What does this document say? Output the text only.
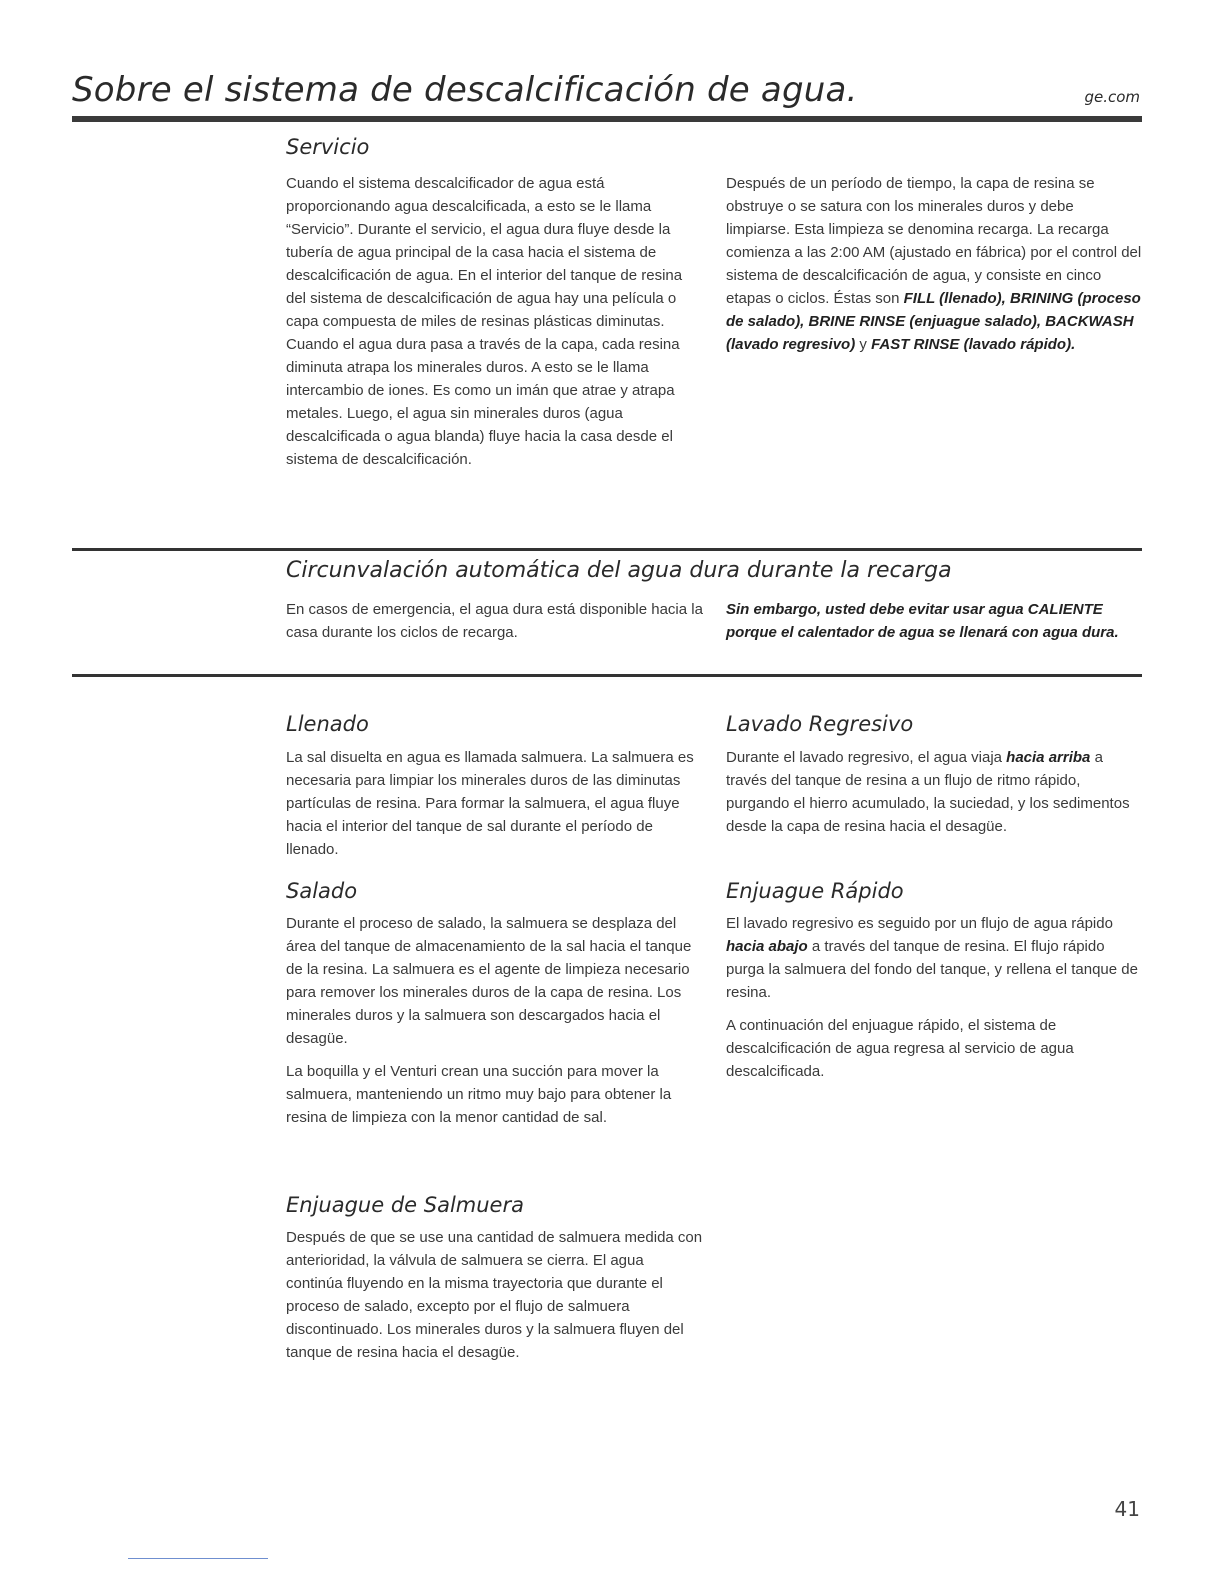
Sobre el sistema de descalcificación de agua.	ge.com
Servicio

Cuando el sistema descalcificador de agua está proporcionando agua descalcificada, a esto se le llama “Servicio”. Durante el servicio, el agua dura fluye desde la tubería de agua principal de la casa hacia el sistema de descalcificación de agua. En el interior del tanque de resina del sistema de descalcificación de agua hay una película o capa compuesta de miles de resinas plásticas diminutas. Cuando el agua dura pasa a través de la capa, cada resina diminuta atrapa los minerales duros. A esto se le llama intercambio de iones. Es como un imán que atrae y atrapa metales. Luego, el agua sin minerales duros (agua descalcificada o agua blanda) fluye hacia la casa desde el sistema de descalcificación.

Después de un período de tiempo, la capa de resina se obstruye o se satura con los minerales duros y debe limpiarse. Esta limpieza se denomina recarga. La recarga comienza a las 2:00 AM (ajustado en fábrica) por el control del sistema de descalcificación de agua, y consiste en cinco etapas o ciclos. Éstas son FILL (llenado), BRINING (proceso de salado), BRINE RINSE (enjuague salado), BACKWASH (lavado regresivo) y FAST RINSE (lavado rápido).

Circunvalación automática del agua dura durante la recarga

En casos de emergencia, el agua dura está disponible hacia la casa durante los ciclos de recarga.

Sin embargo, usted debe evitar usar agua CALIENTE porque el calentador de agua se llenará con agua dura.

Llenado

La sal disuelta en agua es llamada salmuera. La salmuera es necesaria para limpiar los minerales duros de las diminutas partículas de resina. Para formar la salmuera, el agua fluye hacia el interior del tanque de sal durante el período de llenado.

Salado

Durante el proceso de salado, la salmuera se desplaza del área del tanque de almacenamiento de la sal hacia el tanque de la resina. La salmuera es el agente de limpieza necesario para remover los minerales duros de la capa de resina. Los minerales duros y la salmuera son descargados hacia el desagüe.

La boquilla y el Venturi crean una succión para mover la salmuera, manteniendo un ritmo muy bajo para obtener la resina de limpieza con la menor cantidad de sal.

Enjuague de Salmuera

Después de que se use una cantidad de salmuera medida con anterioridad, la válvula de salmuera se cierra. El agua continúa fluyendo en la misma trayectoria que durante el proceso de salado, excepto por el flujo de salmuera discontinuado. Los minerales duros y la salmuera fluyen del tanque de resina hacia el desagüe.

Lavado Regresivo

Durante el lavado regresivo, el agua viaja hacia arriba a través del tanque de resina a un flujo de ritmo rápido, purgando el hierro acumulado, la suciedad, y los sedimentos desde la capa de resina hacia el desagüe.

Enjuague Rápido

El lavado regresivo es seguido por un flujo de agua rápido hacia abajo a través del tanque de resina. El flujo rápido purga la salmuera del fondo del tanque, y rellena el tanque de resina.

A continuación del enjuague rápido, el sistema de descalcificación de agua regresa al servicio de agua descalcificada.

41
